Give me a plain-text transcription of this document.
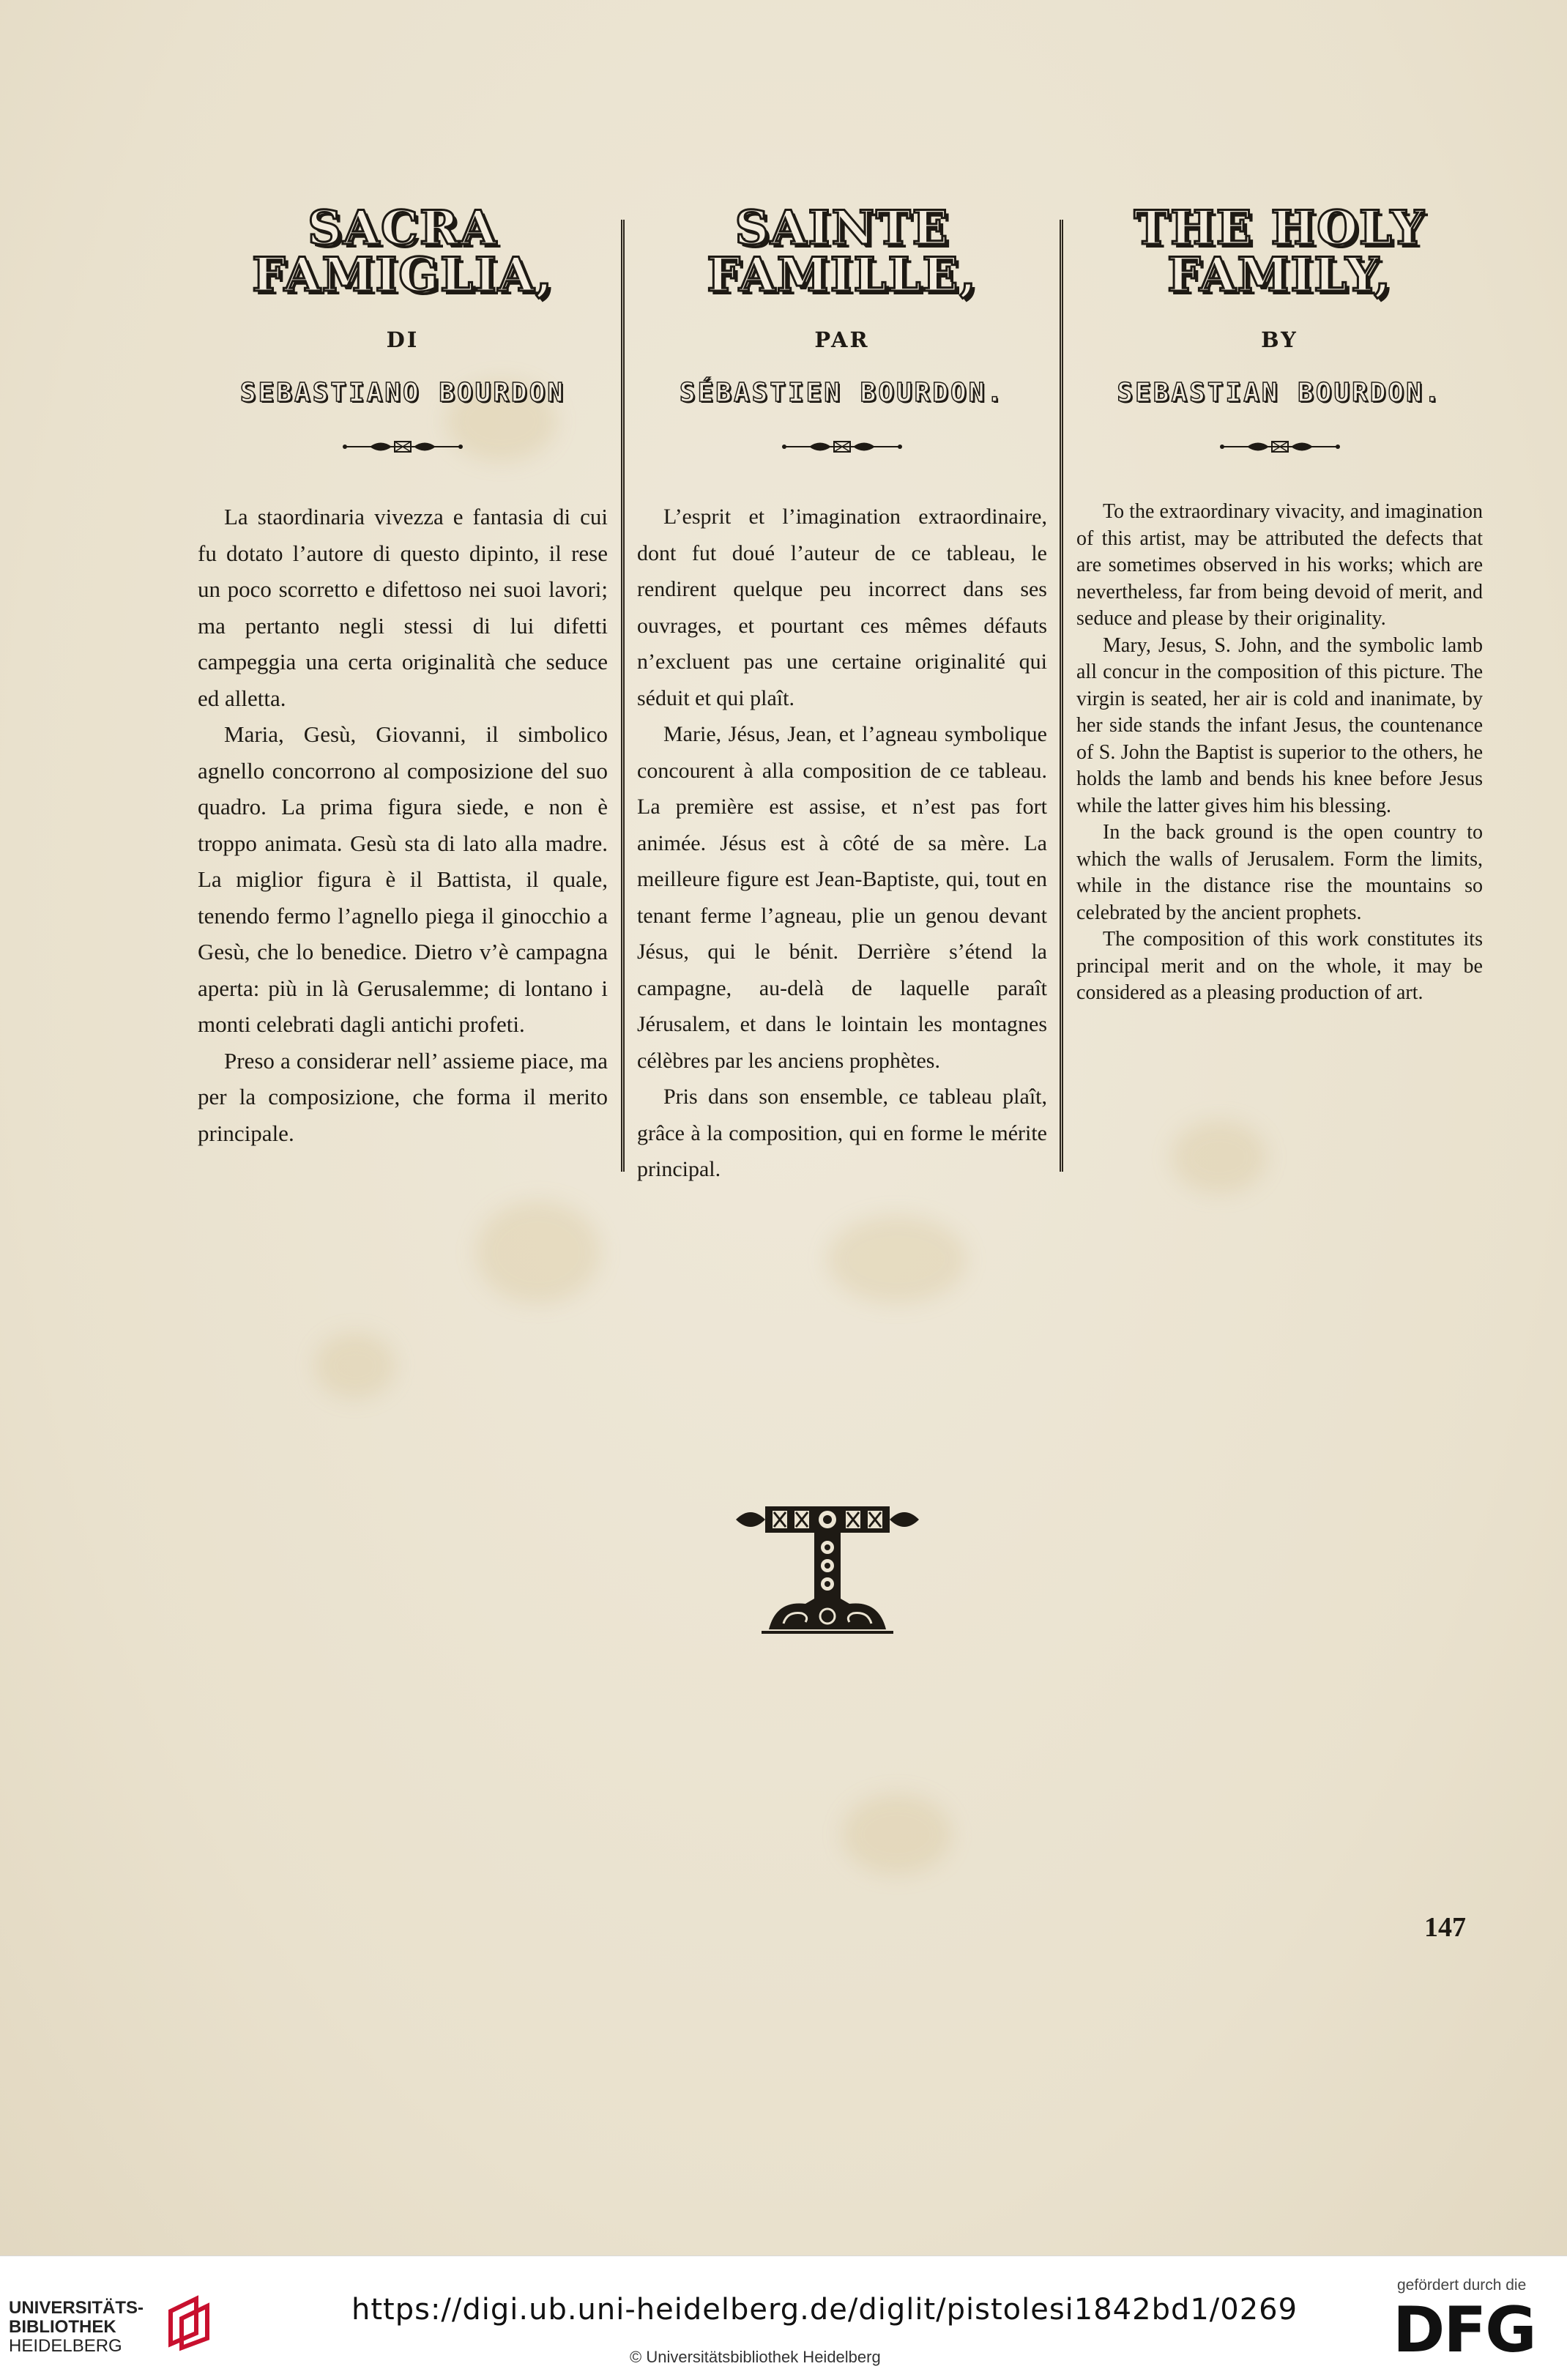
SACRA FAMIGLIA,
DI
SEBASTIANO BOURDON

La staordinaria vivezza e fantasia di cui fu dotato l’autore di questo dipinto, il rese un poco scorretto e difettoso nei suoi lavori; ma pertanto negli stessi di lui difetti campeggia una certa originalità che seduce ed alletta.

Maria, Gesù, Giovanni, il simbolico agnello concorrono al composizione del suo quadro. La prima figura siede, e non è troppo animata. Gesù sta di lato alla madre. La miglior figura è il Battista, il quale, tenendo fermo l’agnello piega il ginocchio a Gesù, che lo benedice. Dietro v’è campagna aperta: più in là Gerusalemme; di lontano i monti celebrati dagli antichi profeti.

Preso a considerar nell’ assieme piace, ma per la composizione, che forma il merito principale.

SAINTE FAMILLE,
PAR
SÉBASTIEN BOURDON.

L’esprit et l’imagination extraordinaire, dont fut doué l’auteur de ce tableau, le rendirent quelque peu incorrect dans ses ouvrages, et pourtant ces mêmes défauts n’excluent pas une certaine originalité qui séduit et qui plaît.

Marie, Jésus, Jean, et l’agneau symbolique concourent à alla composition de ce tableau. La première est assise, et n’est pas fort animée. Jésus est à côté de sa mère. La meilleure figure est Jean-Baptiste, qui, tout en tenant ferme l’agneau, plie un genou devant Jésus, qui le bénit. Derrière s’étend la campagne, au-delà de laquelle paraît Jérusalem, et dans le lointain les montagnes célèbres par les anciens prophètes.

Pris dans son ensemble, ce tableau plaît, grâce à la composition, qui en forme le mérite principal.

THE HOLY FAMILY,
BY
SEBASTIAN BOURDON.

To the extraordinary vivacity, and imagination of this artist, may be attributed the defects that are sometimes observed in his works; which are nevertheless, far from being devoid of merit, and seduce and please by their originality.

Mary, Jesus, S. John, and the symbolic lamb all concur in the composition of this picture. The virgin is seated, her air is cold and inanimate, by her side stands the infant Jesus, the countenance of S. John the Baptist is superior to the others, he holds the lamb and bends his knee before Jesus while the latter gives him his blessing.

In the back ground is the open country to which the walls of Jerusalem. Form the limits, while in the distance rise the mountains so celebrated by the ancient prophets.

The composition of this work constitutes its principal merit and on the whole, it may be considered as a pleasing production of art.

147
UNIVERSITÄTS-
BIBLIOTHEK
HEIDELBERG
https://digi.ub.uni-heidelberg.de/diglit/pistolesi1842bd1/0269
© Universitätsbibliothek Heidelberg
gefördert durch die
DFG
